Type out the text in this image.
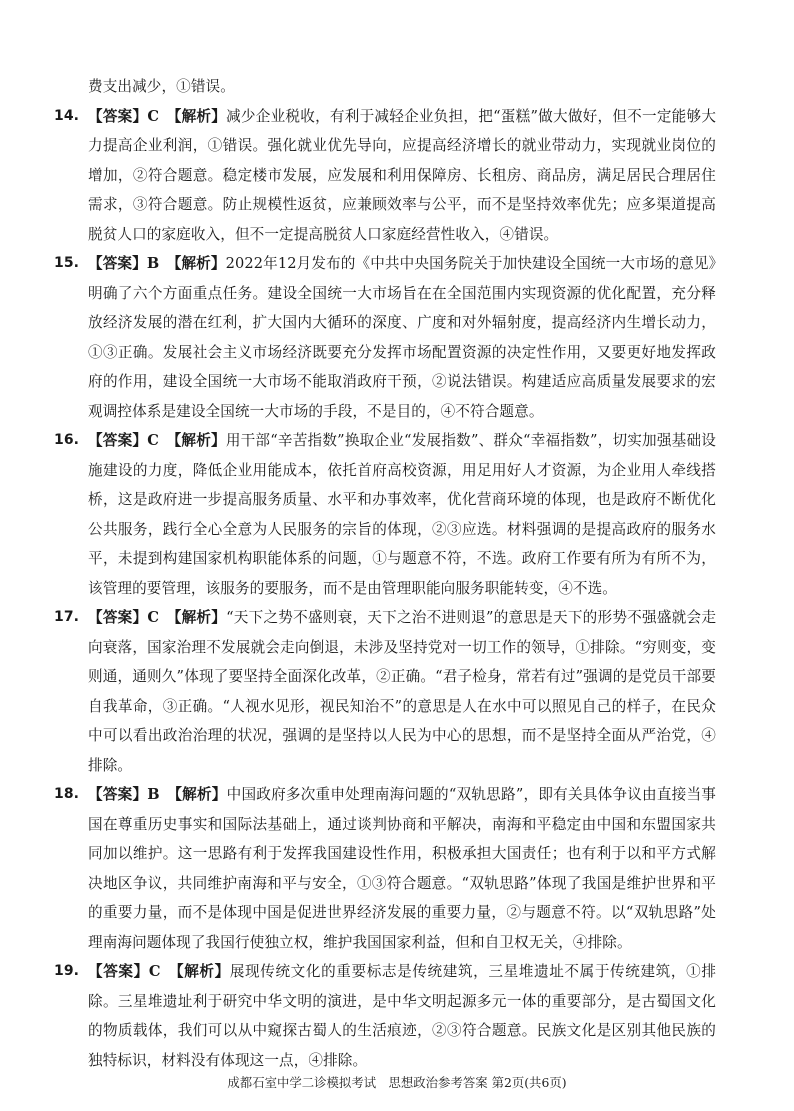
费支出减少，①错误。
14. 【答案】C　 【解析】减少企业税收，有利于减轻企业负担，把“蛋糕”做大做好，但不一定能够大力提高企业利润，①错误。强化就业优先导向，应提高经济增长的就业带动力，实现就业岗位的增加，②符合题意。稳定楼市发展，应发展和利用保障房、长租房、商品房，满足居民合理居住需求，③符合题意。防止规模性返贫，应兼顾效率与公平，而不是坚持效率优先；应多渠道提高脱贫人口的家庭收入，但不一定提高脱贫人口家庭经营性收入，④错误。
15. 【答案】B　 【解析】2022年12月发布的《中共中央国务院关于加快建设全国统一大市场的意见》明确了六个方面重点任务。建设全国统一大市场旨在在全国范围内实现资源的优化配置，充分释放经济发展的潜在红利，扩大国内大循环的深度、广度和对外辐射度，提高经济内生增长动力，①③正确。发展社会主义市场经济既要充分发挥市场配置资源的决定性作用，又要更好地发挥政府的作用，建设全国统一大市场不能取消政府干预，②说法错误。构建适应高质量发展要求的宏观调控体系是建设全国统一大市场的手段，不是目的，④不符合题意。
16. 【答案】C　 【解析】用干部“辛苦指数”换取企业“发展指数”、群众“幸福指数”，切实加强基础设施建设的力度，降低企业用能成本，依托首府高校资源，用足用好人才资源，为企业用人牵线搭桥，这是政府进一步提高服务质量、水平和办事效率，优化营商环境的体现，也是政府不断优化公共服务，践行全心全意为人民服务的宗旨的体现，②③应选。材料强调的是提高政府的服务水平，未提到构建国家机构职能体系的问题，①与题意不符，不选。政府工作要有所为有所不为，该管理的要管理，该服务的要服务，而不是由管理职能向服务职能转变，④不选。
17. 【答案】C　 【解析】“天下之势不盛则衰，天下之治不进则退”的意思是天下的形势不强盛就会走向衰落，国家治理不发展就会走向倒退，未涉及坚持党对一切工作的领导，①排除。“穷则变，变则通，通则久”体现了要坚持全面深化改革，②正确。“君子检身，常若有过”强调的是党员干部要自我革命，③正确。“人视水见形，视民知治不”的意思是人在水中可以照见自己的样子，在民众中可以看出政治治理的状况，强调的是坚持以人民为中心的思想，而不是坚持全面从严治党，④排除。
18. 【答案】B　 【解析】中国政府多次重申处理南海问题的“双轨思路”，即有关具体争议由直接当事国在尊重历史事实和国际法基础上，通过谈判协商和平解决，南海和平稳定由中国和东盟国家共同加以维护。这一思路有利于发挥我国建设性作用，积极承担大国责任；也有利于以和平方式解决地区争议，共同维护南海和平与安全，①③符合题意。“双轨思路”体现了我国是维护世界和平的重要力量，而不是体现中国是促进世界经济发展的重要力量，②与题意不符。以“双轨思路”处理南海问题体现了我国行使独立权，维护我国国家利益，但和自卫权无关，④排除。
19. 【答案】C　 【解析】展现传统文化的重要标志是传统建筑，三星堆遗址不属于传统建筑，①排除。三星堆遗址利于研究中华文明的演进，是中华文明起源多元一体的重要部分，是古蜀国文化的物质载体，我们可以从中窥探古蜀人的生活痕迹，②③符合题意。民族文化是区别其他民族的独特标识，材料没有体现这一点，④排除。
成都石室中学二诊模拟考试　思想政治参考答案 第2页(共6页)
